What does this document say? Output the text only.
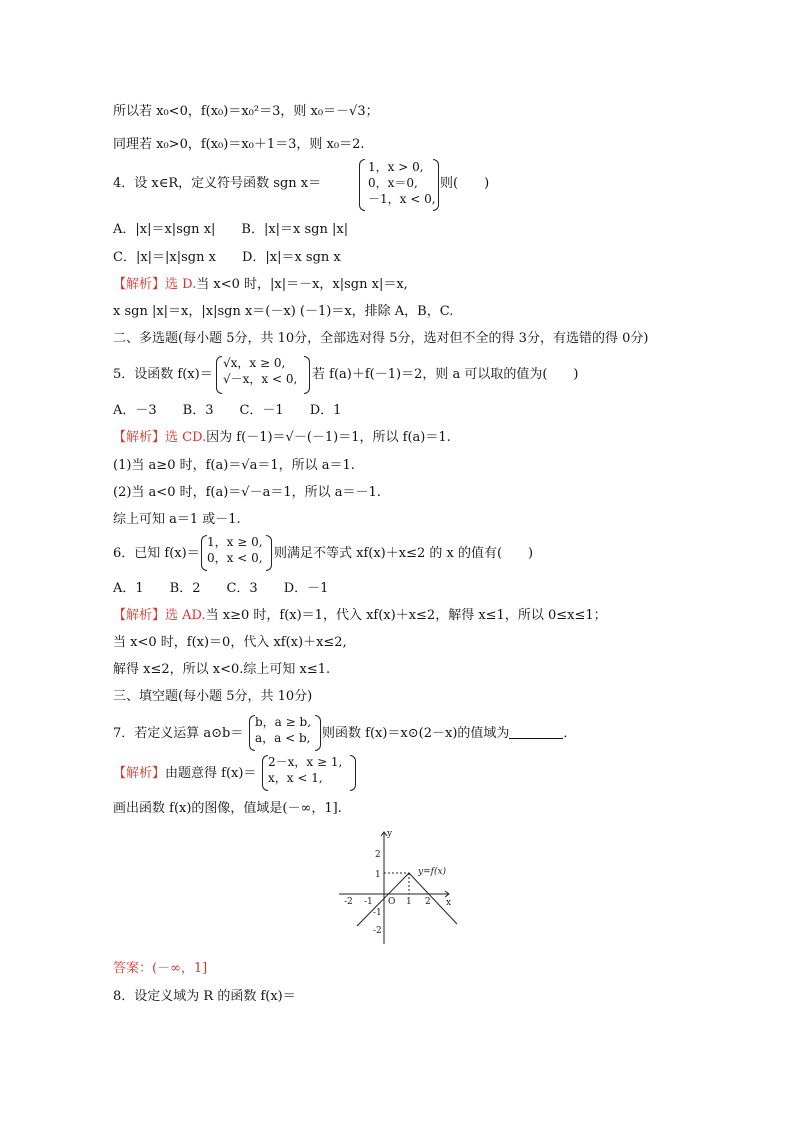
所以若 x₀<0，f(x₀)＝x₀²＝3，则 x₀＝－√3；
同理若 x₀>0，f(x₀)＝x₀＋1＝3，则 x₀＝2.
4．设 x∈R，定义符号函数 sgn x＝
1，x > 0,
0，x＝0,
－1，x < 0,
则(　　)
A．|x|＝x|sgn x|　　B．|x|＝x sgn |x|
C．|x|＝|x|sgn x　　D．|x|＝x sgn x
【解析】选 D.当 x<0 时，|x|＝－x，x|sgn x|＝x,
x sgn |x|＝x，|x|sgn x＝(－x) (－1)＝x，排除 A，B，C.
二、多选题(每小题 5分，共 10分，全部选对得 5分，选对但不全的得 3分，有选错的得 0分)
5．设函数 f(x)＝
√x，x ≥ 0,
√－x，x < 0, 若 f(a)＋f(－1)＝2，则 a 可以取的值为(　　)
A．－3　　B．3　　C．－1　　D．1
【解析】选 CD.因为 f(－1)＝√－(－1)＝1，所以 f(a)＝1.
(1)当 a≥0 时，f(a)＝√a＝1，所以 a＝1.
(2)当 a<0 时，f(a)＝√－a＝1，所以 a＝－1.
综上可知 a＝1 或－1.
6．已知 f(x)＝
1，x ≥ 0,
0，x < 0, 则满足不等式 xf(x)＋x≤2 的 x 的值有(　　)
A．1　　B．2　　C．3　　D．－1
【解析】选 AD.当 x≥0 时，f(x)＝1，代入 xf(x)＋x≤2，解得 x≤1，所以 0≤x≤1；
当 x<0 时，f(x)＝0，代入 xf(x)＋x≤2,
解得 x≤2，所以 x<0.综上可知 x≤1.
三、填空题(每小题 5分，共 10分)
7．若定义运算 a⊙b＝
b，a ≥ b,
a，a < b, 则函数 f(x)＝x⊙(2－x)的值域为	．
【解析】由题意得 f(x)＝
2－x，x ≥ 1,
x，x < 1,
画出函数 f(x)的图像，值域是(－∞，1].
y
x
O
y=f(x)
-2 -1	1 2
2
1
-1
-2
答案：(－∞，1]
8．设定义域为 R 的函数 f(x)＝
